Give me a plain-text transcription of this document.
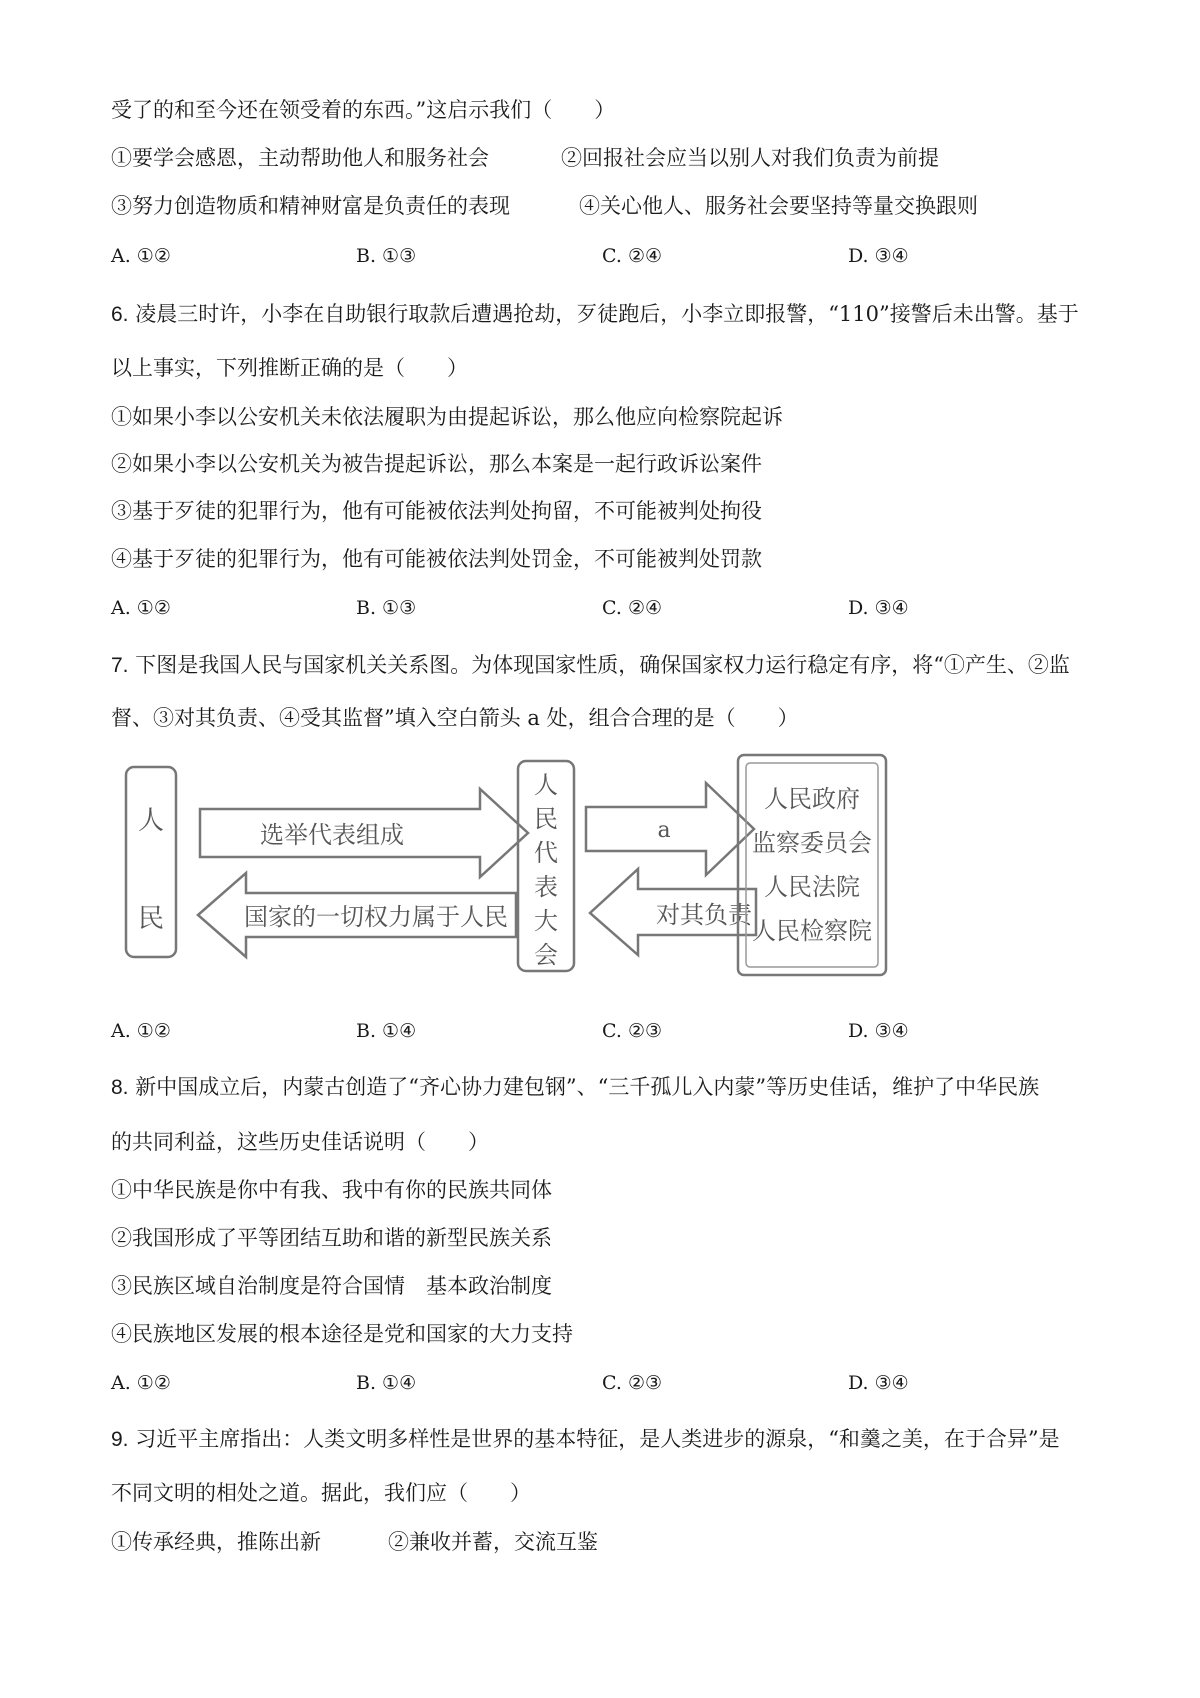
受了的和至今还在领受着的东西。”这启示我们（　　）
①要学会感恩，主动帮助他人和服务社会	②回报社会应当以别人对我们负责为前提
③努力创造物质和精神财富是负责任的表现	④关心他人、服务社会要坚持等量交换跟则
A. ①②	B. ①③	C. ②④	D. ③④
6. 凌晨三时许，小李在自助银行取款后遭遇抢劫，歹徒跑后，小李立即报警，“110”接警后未出警。基于
以上事实，下列推断正确的是（　　）
①如果小李以公安机关未依法履职为由提起诉讼，那么他应向检察院起诉
②如果小李以公安机关为被告提起诉讼，那么本案是一起行政诉讼案件
③基于歹徒的犯罪行为，他有可能被依法判处拘留，不可能被判处拘役
④基于歹徒的犯罪行为，他有可能被依法判处罚金，不可能被判处罚款
A. ①②	B. ①③	C. ②④	D. ③④
7. 下图是我国人民与国家机关关系图。为体现国家性质，确保国家权力运行稳定有序，将“①产生、②监
督、③对其负责、④受其监督”填入空白箭头 a 处，组合合理的是（　　）
人
民
选举代表组成
国家的一切权力属于人民
人
民
代
表
大
会
a
对其负责
人民政府
监察委员会
人民法院
人民检察院
A. ①②	B. ①④	C. ②③	D. ③④
8. 新中国成立后，内蒙古创造了“齐心协力建包钢”、“三千孤儿入内蒙”等历史佳话，维护了中华民族
的共同利益，这些历史佳话说明（　　）
①中华民族是你中有我、我中有你的民族共同体
②我国形成了平等团结互助和谐的新型民族关系
③民族区域自治制度是符合国情　基本政治制度
④民族地区发展的根本途径是党和国家的大力支持
A. ①②	B. ①④	C. ②③	D. ③④
9. 习近平主席指出：人类文明多样性是世界的基本特征，是人类进步的源泉，“和羹之美，在于合异”是
不同文明的相处之道。据此，我们应（　　）
①传承经典，推陈出新	②兼收并蓄，交流互鉴
